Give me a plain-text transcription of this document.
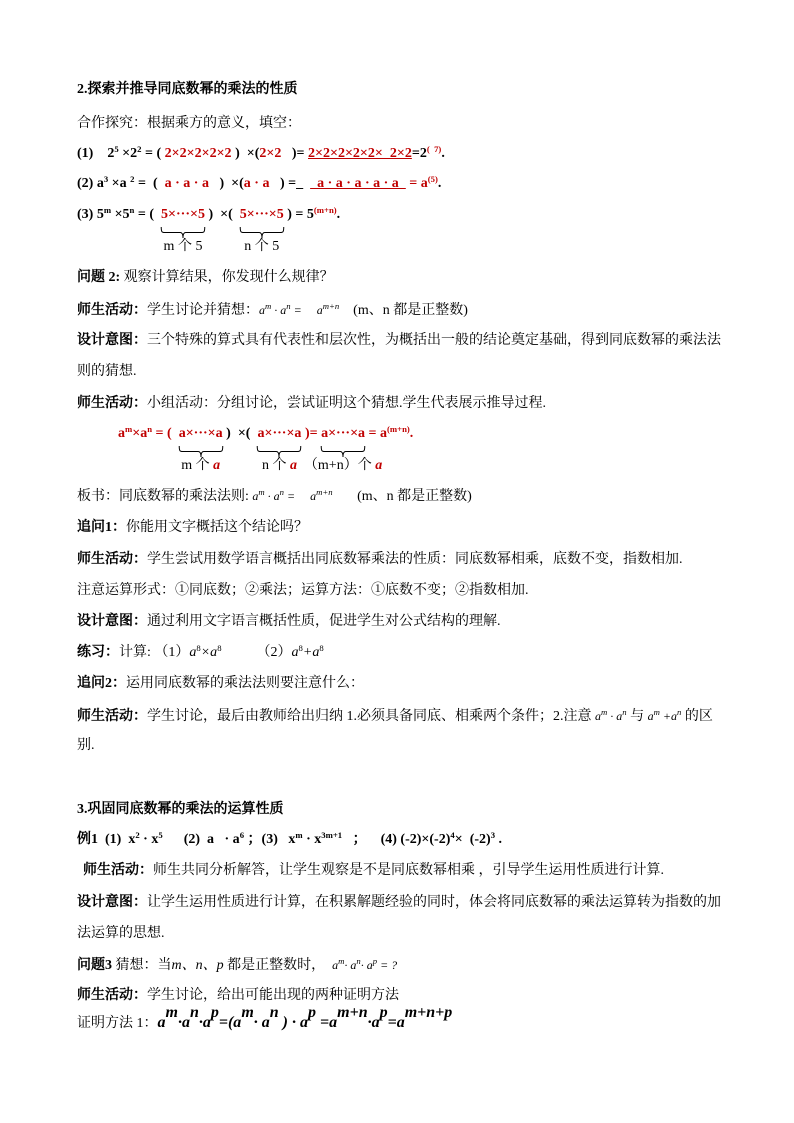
2.探索并推导同底数幂的乘法的性质
合作探究：根据乘方的意义，填空：
(1) 2 5 ×2 2 = ( 2×2×2×2×2 )  ×( 2×2 )= 2×2×2×2×2×  2×2 =2 (  7) .
(2) a 3 ×a 2 =  ( a · a · a )  ×( a · a ) =_ a · a · a · a · a = a (5) .
(3) 5 m ×5 n = ( 5×···×5
m 个 5
)  ×( 5×···×5
n 个 5
) = 5 (m+n) .
问题 2: 观察计算结果，你发现什么规律？
师生活动： 学生讨论并猜想： a m · a n =     a m+n (m、n 都是正整数)
设计意图： 三个特殊的算式具有代表性和层次性，为概括出一般的结论奠定基础，得到同底数幂的乘法法
则的猜想.
师生活动： 小组活动：分组讨论，尝试证明这个猜想.学生代表展示推导过程.
a m ×a n = ( a×···×a
m 个 a
)  ×( a×···×a
n 个 a
)= a×···×a
（m+n）个 a
= a (m+n) .
板书： 同底数幂的乘法法则: a m · a n =     a m+n (m、n 都是正整数)
追问1： 你能用文字概括这个结论吗？
师生活动： 学生尝试用数学语言概括出同底数幂乘法的性质：同底数幂相乘，底数不变，指数相加.
注意运算形式：①同底数；②乘法；运算方法：①底数不变；②指数相加.
设计意图： 通过利用文字语言概括性质，促进学生对公式结构的理解.
练习： 计算: （1） a 8 ×a 8 （2） a 8 +a 8
追问2： 运用同底数幂的乘法法则要注意什么：
师生活动： 学生讨论，最后由教师给出归纳 1.必须具备同底、相乘两个条件；2.注意 a m · a n 与 a m +a n 的区
别.
3.巩固同底数幂的乘法的运算性质
例1 (1) x 2 · x 5 (2) a   · a 6 ；(3) x m · x 3m+1 ；    (4) (-2)×(-2) 4 ×  (-2) 3 .
师生活动： 师生共同分析解答，让学生观察是不是同底数幂相乘 ，引导学生运用性质进行计算.
设计意图： 让学生运用性质进行计算，在积累解题经验的同时，体会将同底数幂的乘法运算转为指数的加
法运算的思想.
问题3 猜想：当 m、n、p 都是正整数时， a m · a n · a p = ?
师生活动： 学生讨论，给出可能出现的两种证明方法
证明方法 1： a
m
·a
n
·a
p
=(a
m
· a
n
) · a
p
=a
m+n
·a
p
=a
m+n+p
